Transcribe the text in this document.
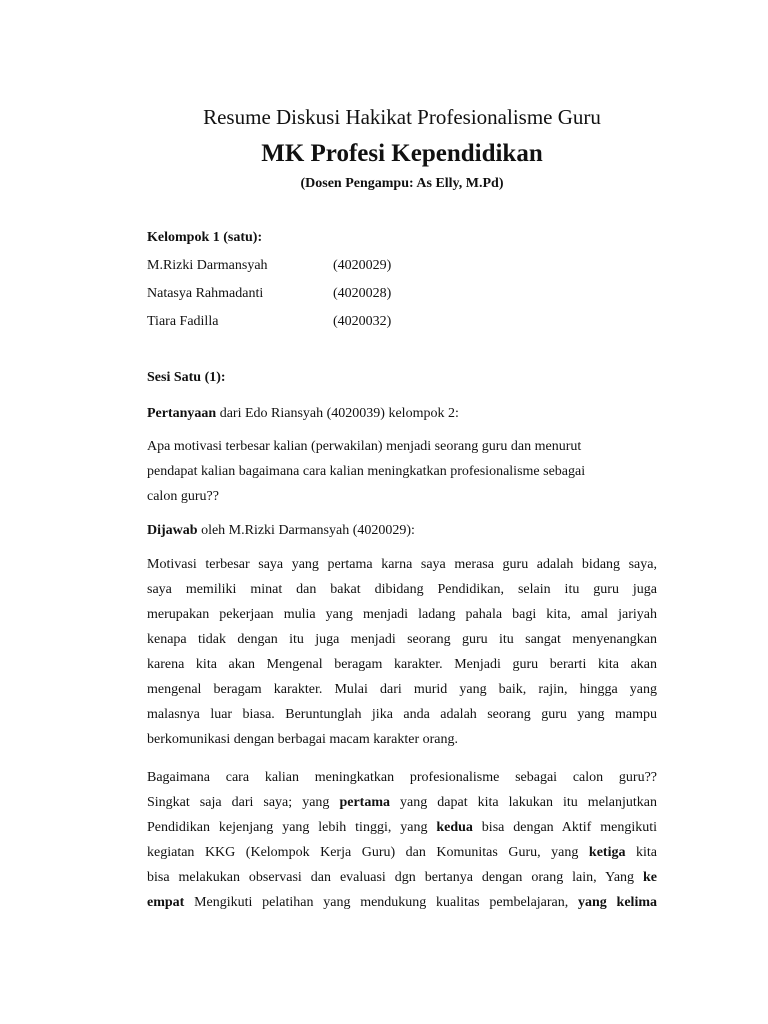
Resume Diskusi Hakikat Profesionalisme Guru
MK Profesi Kependidikan
(Dosen Pengampu: As Elly, M.Pd)
Kelompok 1 (satu):
M.Rizki Darmansyah	(4020029)
Natasya Rahmadanti	(4020028)
Tiara Fadilla	(4020032)
Sesi Satu (1):
Pertanyaan dari Edo Riansyah (4020039) kelompok 2:
Apa motivasi terbesar kalian (perwakilan) menjadi seorang guru dan menurut
pendapat kalian bagaimana cara kalian meningkatkan profesionalisme sebagai
calon guru??
Dijawab oleh M.Rizki Darmansyah (4020029):
Motivasi terbesar saya yang pertama karna saya merasa guru adalah bidang saya,
saya memiliki minat dan bakat dibidang Pendidikan, selain itu guru juga
merupakan pekerjaan mulia yang menjadi ladang pahala bagi kita, amal jariyah
kenapa tidak dengan itu juga menjadi seorang guru itu sangat menyenangkan
karena kita akan Mengenal beragam karakter. Menjadi guru berarti kita akan
mengenal beragam karakter. Mulai dari murid yang baik, rajin, hingga yang
malasnya luar biasa. Beruntunglah jika anda adalah seorang guru yang mampu
berkomunikasi dengan berbagai macam karakter orang.
Bagaimana cara kalian meningkatkan profesionalisme sebagai calon guru??
Singkat saja dari saya; yang pertama yang dapat kita lakukan itu melanjutkan
Pendidikan kejenjang yang lebih tinggi, yang kedua bisa dengan Aktif mengikuti
kegiatan KKG (Kelompok Kerja Guru) dan Komunitas Guru, yang ketiga kita
bisa melakukan observasi dan evaluasi dgn bertanya dengan orang lain, Yang ke
empat Mengikuti pelatihan yang mendukung kualitas pembelajaran, yang kelima
